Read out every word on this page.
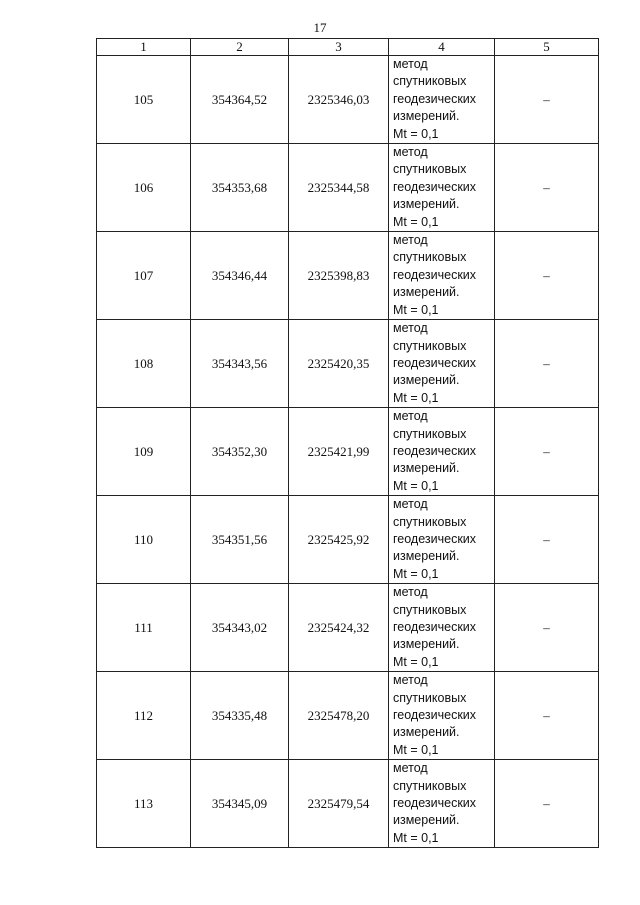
17
1	2	3	4	5
105	354364,52	2325346,03	метод
спутниковых
геодезических
измерений.
Mt = 0,1	–
106	354353,68	2325344,58	метод
спутниковых
геодезических
измерений.
Mt = 0,1	–
107	354346,44	2325398,83	метод
спутниковых
геодезических
измерений.
Mt = 0,1	–
108	354343,56	2325420,35	метод
спутниковых
геодезических
измерений.
Mt = 0,1	–
109	354352,30	2325421,99	метод
спутниковых
геодезических
измерений.
Mt = 0,1	–
110	354351,56	2325425,92	метод
спутниковых
геодезических
измерений.
Mt = 0,1	–
111	354343,02	2325424,32	метод
спутниковых
геодезических
измерений.
Mt = 0,1	–
112	354335,48	2325478,20	метод
спутниковых
геодезических
измерений.
Mt = 0,1	–
113	354345,09	2325479,54	метод
спутниковых
геодезических
измерений.
Mt = 0,1	–
